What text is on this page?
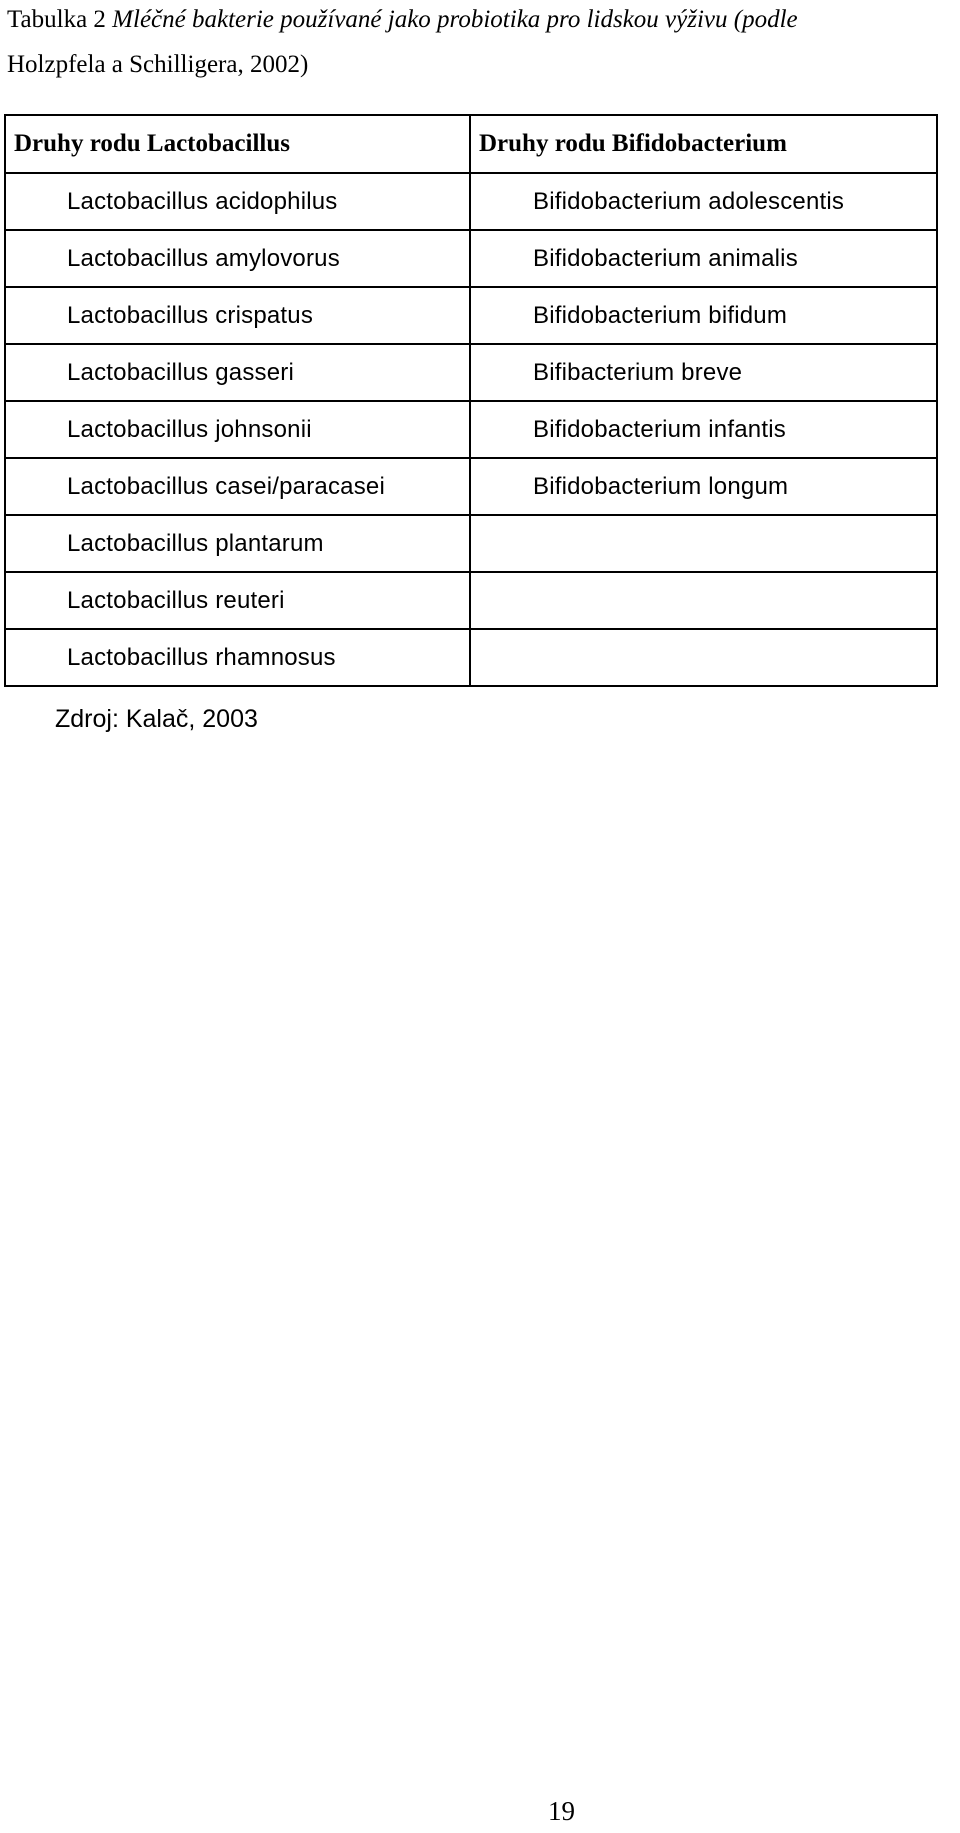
Tabulka 2 Mléčné bakterie používané jako probiotika pro lidskou výživu (podle
Holzpfela a Schilligera, 2002)
Druhy rodu Lactobacillus	Druhy rodu Bifidobacterium
Lactobacillus acidophilus	Bifidobacterium adolescentis
Lactobacillus amylovorus	Bifidobacterium animalis
Lactobacillus crispatus	Bifidobacterium bifidum
Lactobacillus gasseri	Bifibacterium breve
Lactobacillus johnsonii	Bifidobacterium infantis
Lactobacillus casei/paracasei	Bifidobacterium longum
Lactobacillus plantarum	
Lactobacillus reuteri	
Lactobacillus rhamnosus	
Zdroj: Kalač, 2003
19
